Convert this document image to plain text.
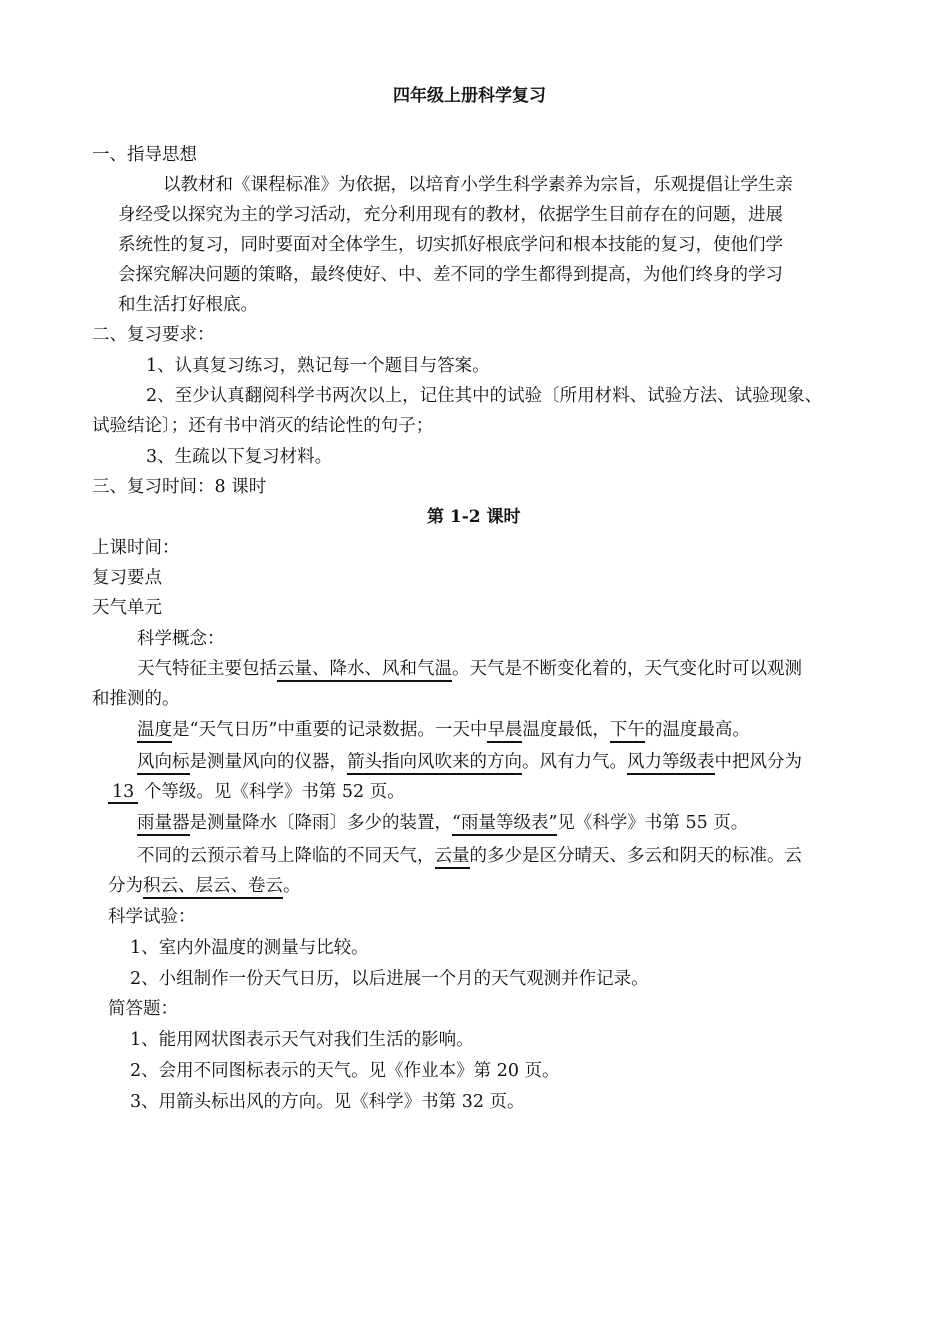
四年级上册科学复习
一、指导思想
以教材和《课程标准》为依据，以培育小学生科学素养为宗旨，乐观提倡让学生亲
身经受以探究为主的学习活动，充分利用现有的教材，依据学生目前存在的问题，进展
系统性的复习，同时要面对全体学生，切实抓好根底学问和根本技能的复习，使他们学
会探究解决问题的策略，最终使好、中、差不同的学生都得到提高，为他们终身的学习
和生活打好根底。
二、复习要求：
1、认真复习练习，熟记每一个题目与答案。
2、至少认真翻阅科学书两次以上，记住其中的试验〔所用材料、试验方法、试验现象、
试验结论〕；还有书中消灭的结论性的句子；
3、生疏以下复习材料。
三、复习时间：8 课时
第 1-2 课时
上课时间：
复习要点
天气单元
科学概念：
天气特征主要包括云量、降水、风和气温。天气是不断变化着的，天气变化时可以观测
和推测的。
温度是“天气日历”中重要的记录数据。一天中早晨温度最低，下午的温度最高。
风向标是测量风向的仪器，箭头指向风吹来的方向。风有力气。风力等级表中把风分为
13 个等级。见《科学》书第 52 页。
雨量器是测量降水〔降雨〕多少的装置，“雨量等级表”见《科学》书第 55 页。
不同的云预示着马上降临的不同天气，云量的多少是区分晴天、多云和阴天的标准。云
分为积云、层云、卷云。
科学试验：
1、室内外温度的测量与比较。
2、小组制作一份天气日历，以后进展一个月的天气观测并作记录。
简答题：
1、能用网状图表示天气对我们生活的影响。
2、会用不同图标表示的天气。见《作业本》第 20 页。
3、用箭头标出风的方向。见《科学》书第 32 页。
